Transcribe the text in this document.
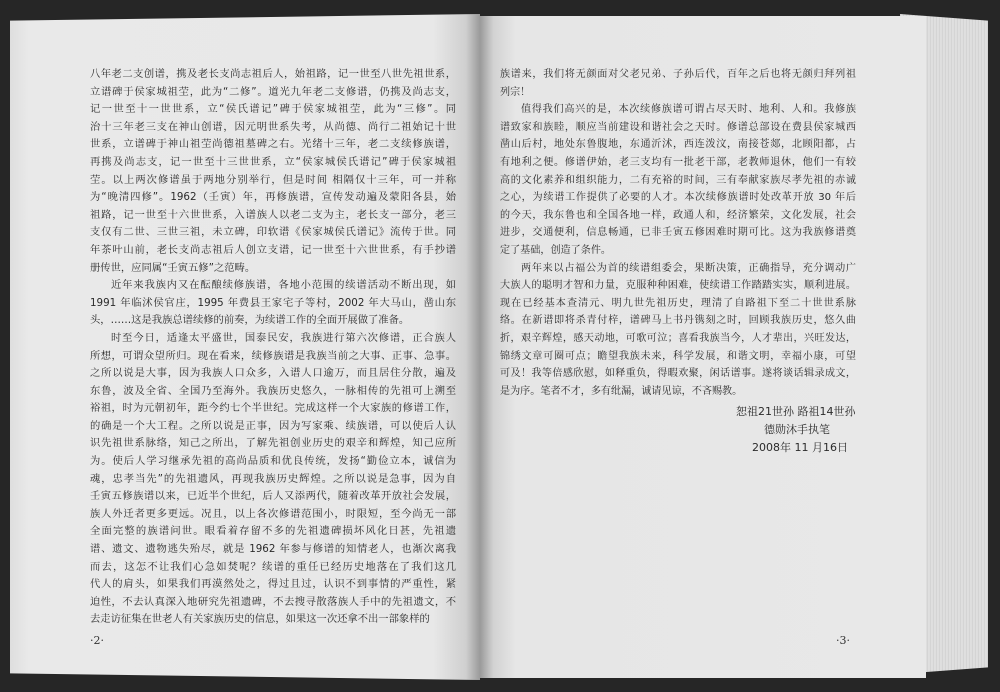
八年老二支创谱，携及老长支尚志祖后人，始祖路，记一世至八世先祖世系，
立谱碑于侯家城祖茔，此为“二修”。道光九年老二支修谱，仍携及尚志支，
记一世至十一世世系，立“侯氏谱记”碑于侯家城祖茔，此为“三修”。同
治十三年老三支在神山创谱，因元明世系失考，从尚德、尚行二祖始记十世
世系，立谱碑于神山祖茔尚德祖墓碑之右。光绪十三年，老二支续修族谱，
再携及尚志支，记一世至十三世世系，立“侯家城侯氏谱记”碑于侯家城祖
茔。以上两次修谱虽于两地分别举行，但是时间 相隔仅十三年，可一并称
为“晚清四修”。1962（壬寅）年，再修族谱，宣传发动遍及蒙阳各县，始
祖路，记一世至十六世世系，入谱族人以老二支为主，老长支一部分，老三
支仅有二世、三世三祖，未立碑，印软谱《侯家城侯氏谱记》流传于世。同
年茶叶山前，老长支尚志祖后人创立支谱，记一世至十六世世系，有手抄谱
册传世，应同属“壬寅五修”之范畴。
近年来我族内又在酝酿续修族谱，各地小范围的续谱活动不断出现，如
1991 年临沭侯官庄，1995 年费县王家宅子等村，2002 年大马山，凿山东
头，……这是我族总谱续修的前奏，为续谱工作的全面开展做了准备。
时至今日，适逢太平盛世，国泰民安，我族进行第六次修谱，正合族人
所想，可谓众望所归。现在看来，续修族谱是我族当前之大事、正事、急事。
之所以说是大事，因为我族人口众多，入谱人口逾万，而且居住分散，遍及
东鲁，波及全省、全国乃至海外。我族历史悠久，一脉相传的先祖可上溯至
裕祖，时为元朝初年，距今约七个半世纪。完成这样一个大家族的修谱工作，
的确是一个大工程。之所以说是正事，因为写家乘、续族谱，可以使后人认
识先祖世系脉络，知己之所出，了解先祖创业历史的艰辛和辉煌，知己应所
为。使后人学习继承先祖的高尚品质和优良传统，发扬“勤俭立本，诚信为
魂，忠孝当先”的先祖遗风，再现我族历史辉煌。之所以说是急事，因为自
壬寅五修族谱以来，已近半个世纪，后人又添两代，随着改革开放社会发展，
族人外迁者更多更远。况且，以上各次修谱范围小，时限短，至今尚无一部
全面完整的族谱问世。眼看着存留不多的先祖遗碑损坏风化日甚，先祖遗
谱、遗文、遗物逃失殆尽，就是 1962 年参与修谱的知情老人，也渐次离我
而去，这怎不让我们心急如焚呢？续谱的重任已经历史地落在了我们这几
代人的肩头，如果我们再漠然处之，得过且过，认识不到事情的严重性，紧
迫性，不去认真深入地研究先祖遗碑，不去搜寻散落族人手中的先祖遗文，不
去走访征集在世老人有关家族历史的信息，如果这一次还拿不出一部象样的
族谱来，我们将无颜面对父老兄弟、子孙后代，百年之后也将无颜归拜列祖
列宗！
值得我们高兴的是，本次续修族谱可谓占尽天时、地利、人和。我修族
谱致家和族睦，顺应当前建设和谐社会之天时。修谱总部设在费县侯家城西
凿山后村，地处东鲁腹地，东通沂沭，西连泼汶，南接苍郯，北顾阳都，占
有地利之便。修谱伊始，老三支均有一批老干部，老教师退休，他们一有较
高的文化素养和组织能力，二有充裕的时间，三有奉献家族尽孝先祖的赤诚
之心，为续谱工作提供了必要的人才。本次续修族谱时处改革开放 30 年后
的今天，我东鲁也和全国各地一样，政通人和，经济繁荣，文化发展，社会
进步，交通便利，信息畅通，已非壬寅五修困难时期可比。这为我族修谱奠
定了基础，创造了条件。
两年来以占福公为首的续谱组委会，果断决策，正确指导，充分调动广
大族人的聪明才智和力量，克服种种困难，使续谱工作踏踏实实，顺利进展。
现在已经基本查清元、明九世先祖历史，理清了自路祖下至二十世世系脉
络。在新谱即将杀青付梓，谱碑马上书丹镌刻之时，回顾我族历史，悠久曲
折，艰辛辉煌，感天动地，可歌可泣；喜看我族当今，人才辈出，兴旺发达，
锦绣文章可圈可点；瞻望我族未来，科学发展，和谐文明，幸福小康，可望
可及！我等倍感欣慰，如释重负，得暇欢聚，闲话谱事。遂将谈话辑录成文，
是为序。笔者不才，多有纰漏，诚请见谅，不吝赐教。
恕祖21世孙 路祖14世孙
德勋沐手执笔
2008年 11 月16日
·2·	·3·
